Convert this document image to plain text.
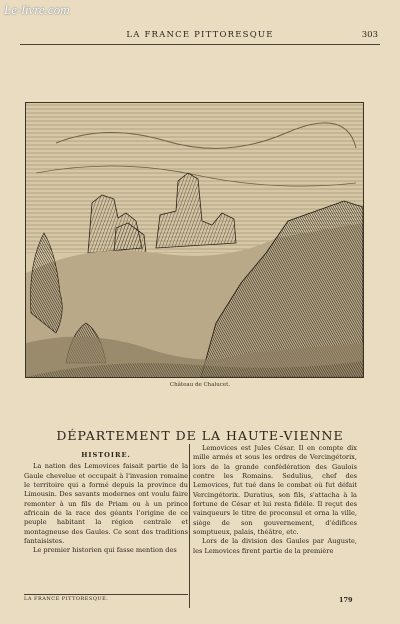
Le-livre.com
LA FRANCE PITTORESQUE	303
Château de Chalucet.
DÉPARTEMENT DE LA HAUTE-VIENNE
HISTOIRE.

La nation des Lemovices faisait partie de la Gaule chevelue et occupait à l'invasion romaine le territoire qui a formé depuis la province du Limousin. Des savants modernes ont voulu faire remonter à un fils de Priam ou à un prince africain de la race des géants l'origine de ce peuple habitant la région centrale et montagneuse des Gaules. Ce sont des traditions fantaisistes.

Le premier historien qui fasse mention des

Lemovices est Jules César. Il en compte dix mille armés et sous les ordres de Vercingétorix, lors de la grande confédération des Gaulois contre les Romains. Sedulius, chef des Lemovices, fut tué dans le combat où fut défait Vercingétorix. Duratius, son fils, s'attacha à la fortune de César et lui resta fidèle. Il reçut des vainqueurs le titre de proconsul et orna la ville, siège de son gouvernement, d'édifices somptueux, palais, théâtre, etc.

Lors de la division des Gaules par Auguste, les Lemovices firent partie de la première

LA FRANCE PITTORESQUE.	179
